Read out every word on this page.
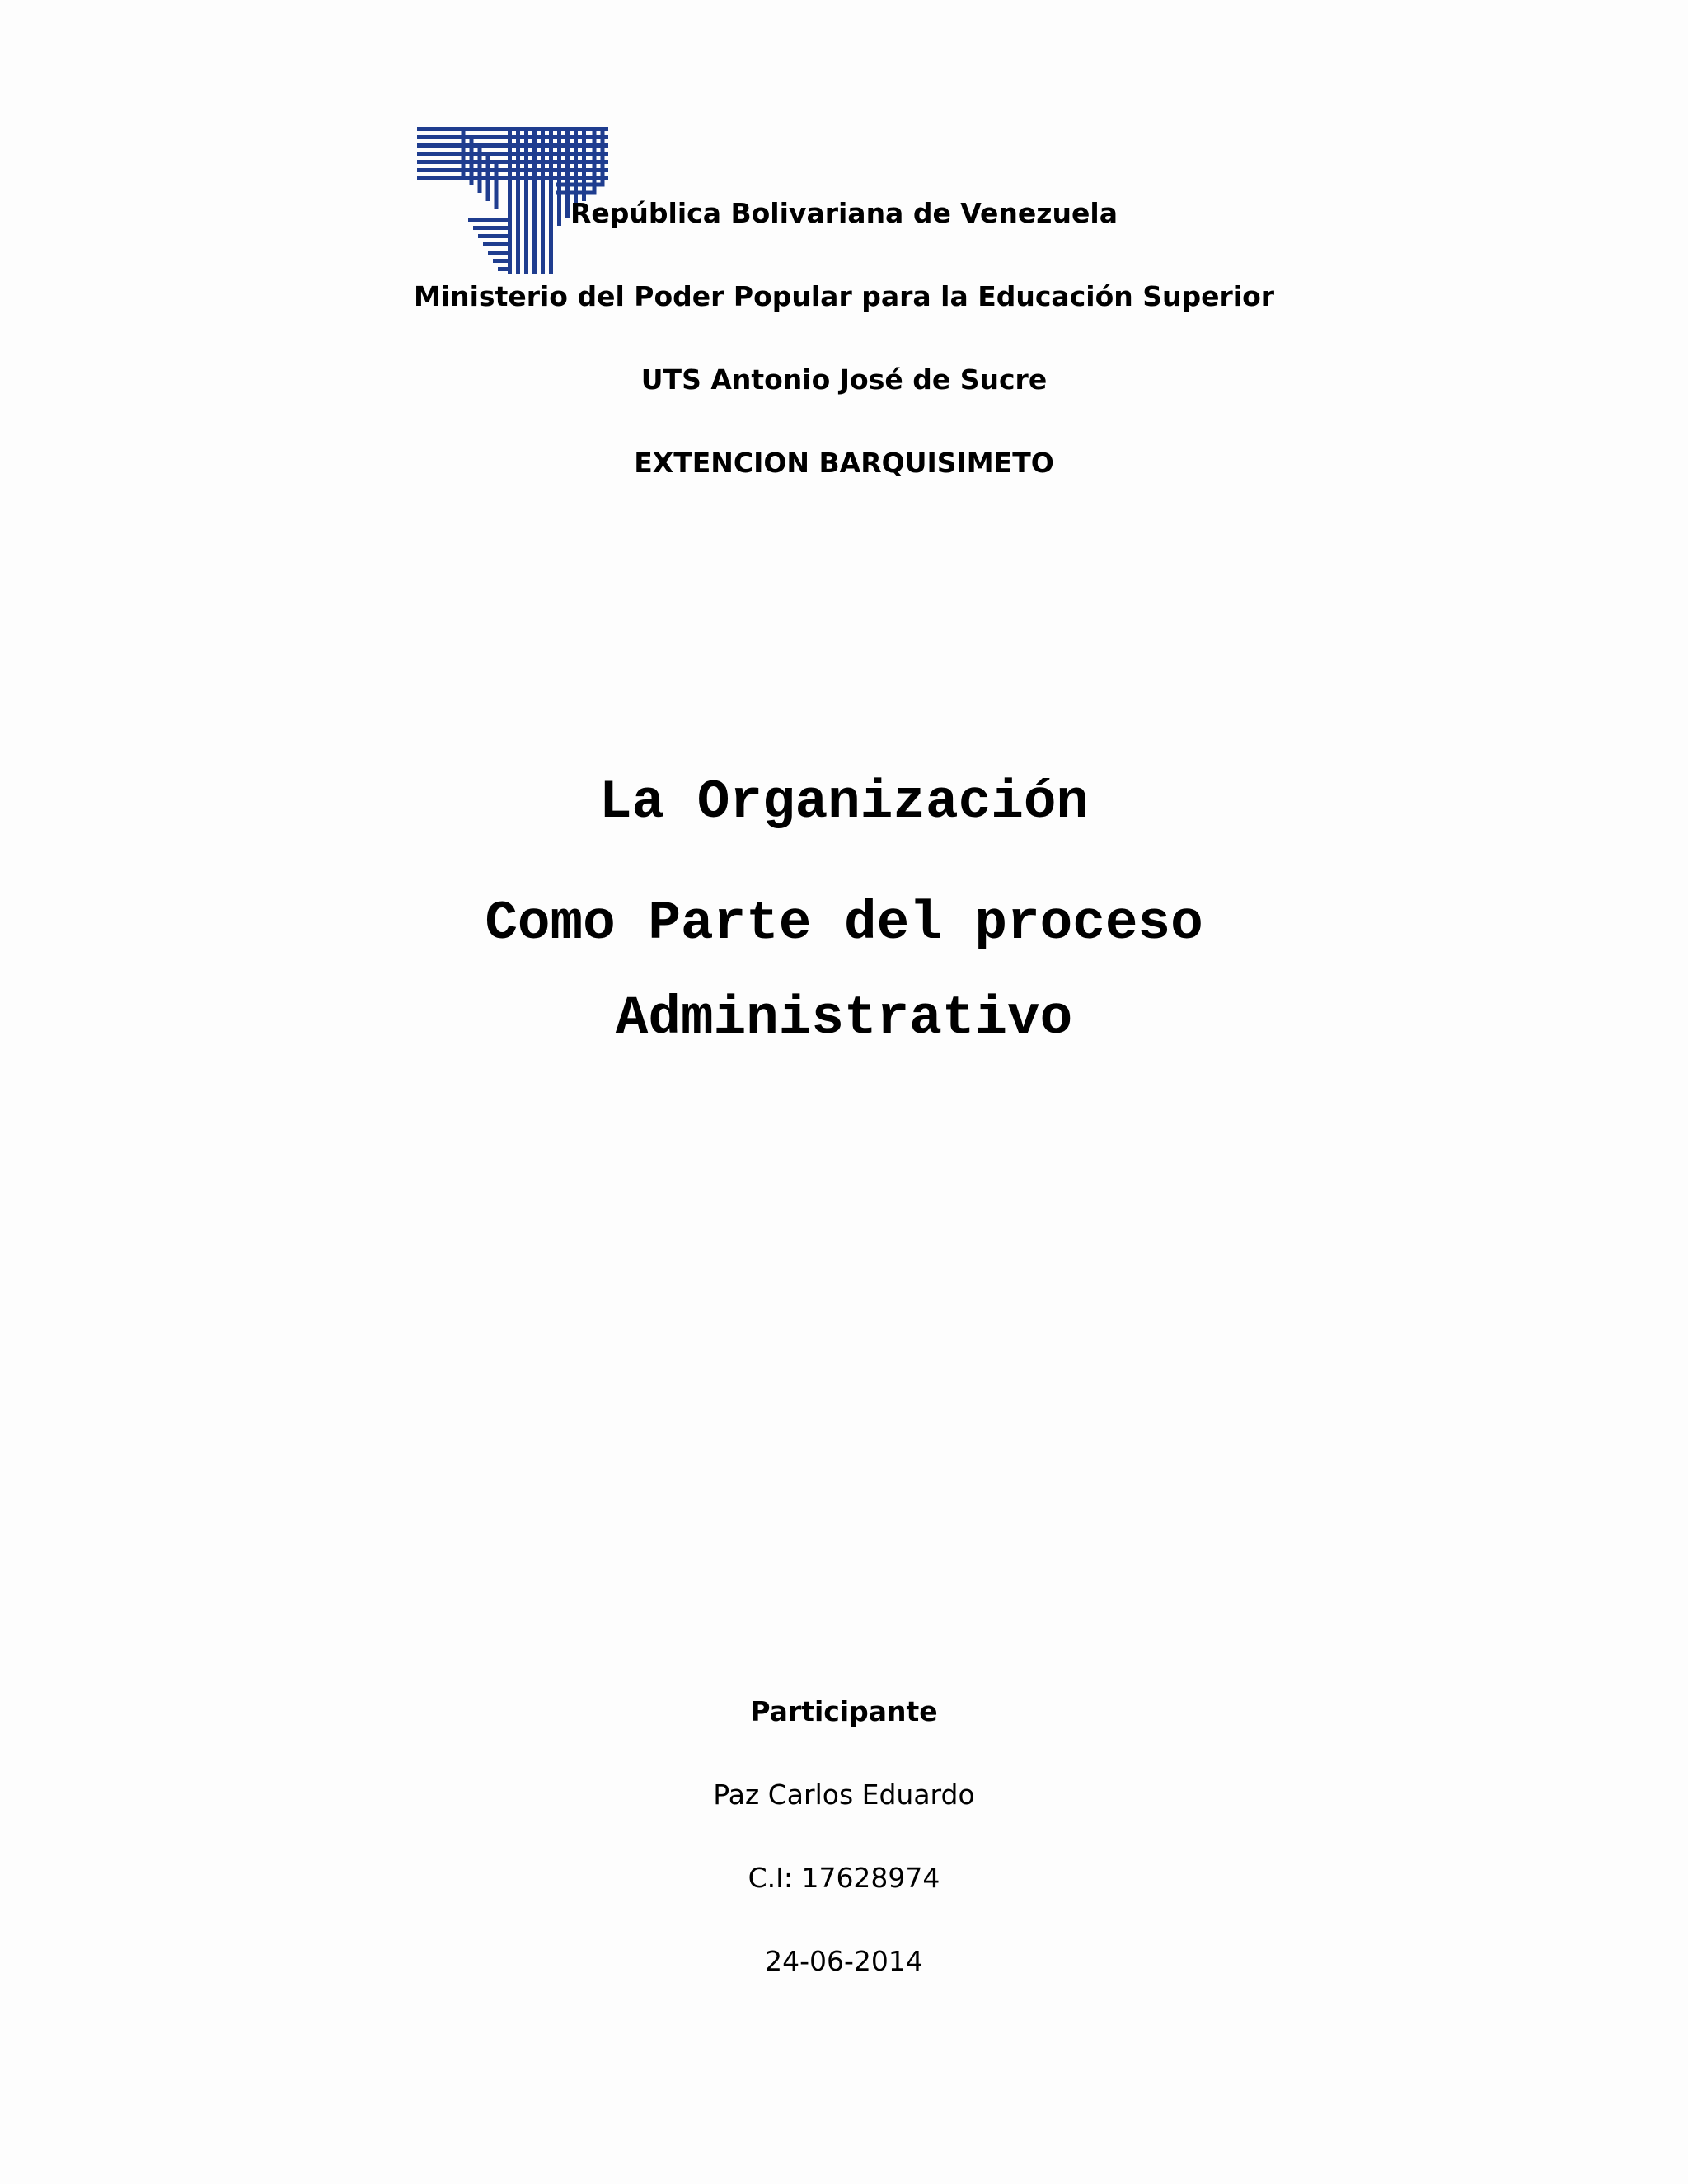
República Bolivariana de Venezuela
Ministerio del Poder Popular para la Educación Superior
UTS Antonio José de Sucre
EXTENCION BARQUISIMETO
La Organización
Como Parte del proceso
Administrativo
Participante
Paz Carlos Eduardo
C.I: 17628974
24-06-2014
